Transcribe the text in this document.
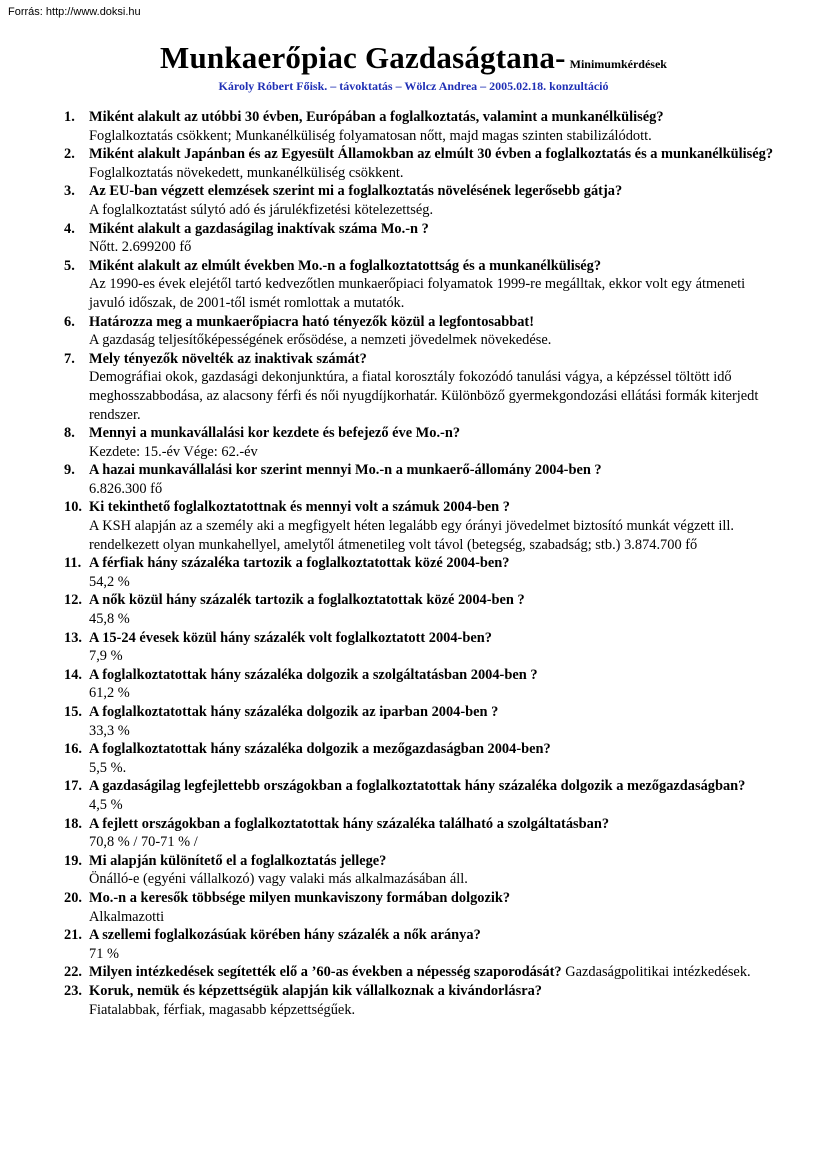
Forrás: http://www.doksi.hu
Munkaerőpiac Gazdaságtana- Minimumkérdések
Károly Róbert Főisk. – távoktatás – Wölcz Andrea – 2005.02.18. konzultáció
1. Miként alakult az utóbbi 30 évben, Európában a foglalkoztatás, valamint a munkanélküliség?
Foglalkoztatás csökkent; Munkanélküliség folyamatosan nőtt, majd magas szinten stabilizálódott.
2. Miként alakult Japánban és az Egyesült Államokban az elmúlt 30 évben a foglalkoztatás és a munkanélküliség?
Foglalkoztatás növekedett, munkanélküliség csökkent.
3. Az EU-ban végzett elemzések szerint mi a foglalkoztatás növelésének legerősebb gátja?
A foglalkoztatást súlytó adó és járulékfizetési kötelezettség.
4. Miként alakult a gazdaságilag inaktívak száma Mo.-n ?
Nőtt. 2.699200 fő
5. Miként alakult az elmúlt években Mo.-n a foglalkoztatottság és a munkanélküliség?
Az 1990-es évek elejétől tartó kedvezőtlen munkaerőpiaci folyamatok 1999-re megálltak, ekkor volt egy átmeneti javuló időszak, de 2001-től ismét romlottak a mutatók.
6. Határozza meg a munkaerőpiacra ható tényezők közül a legfontosabbat!
A gazdaság teljesítőképességének erősödése, a nemzeti jövedelmek növekedése.
7. Mely tényezők növelték az inaktivak számát?
Demográfiai okok, gazdasági dekonjunktúra, a fiatal korosztály fokozódó tanulási vágya, a képzéssel töltött idő meghosszabbodása, az alacsony férfi és női nyugdíjkorhatár. Különböző gyermekgondozási ellátási formák kiterjedt rendszer.
8. Mennyi a munkavállalási kor kezdete és befejező éve Mo.-n?
Kezdete: 15.-év Vége: 62.-év
9. A hazai munkavállalási kor szerint mennyi Mo.-n a munkaerő-állomány 2004-ben ?
6.826.300 fő
10. Ki tekinthető foglalkoztatottnak és mennyi volt a számuk 2004-ben ?
A KSH alapján az a személy aki a megfigyelt héten legalább egy órányi jövedelmet biztosító munkát végzett ill. rendelkezett olyan munkahellyel, amelytől átmenetileg volt távol (betegség, szabadság; stb.) 3.874.700 fő
11. A férfiak hány százaléka tartozik a foglalkoztatottak közé 2004-ben?
54,2 %
12. A nők közül hány százalék tartozik a foglalkoztatottak közé 2004-ben ?
45,8 %
13. A 15-24 évesek közül hány százalék volt foglalkoztatott 2004-ben?
7,9 %
14. A foglalkoztatottak hány százaléka dolgozik a szolgáltatásban 2004-ben ?
61,2 %
15. A foglalkoztatottak hány százaléka dolgozik az iparban 2004-ben ?
33,3 %
16. A foglalkoztatottak hány százaléka dolgozik a mezőgazdaságban 2004-ben?
5,5 %.
17. A gazdaságilag legfejlettebb országokban a foglalkoztatottak hány százaléka dolgozik a mezőgazdaságban?
4,5 %
18. A fejlett országokban a foglalkoztatottak hány százaléka található a szolgáltatásban?
70,8 % / 70-71 % /
19. Mi alapján különítető el a foglalkoztatás jellege?
Önálló-e (egyéni vállalkozó) vagy valaki más alkalmazásában áll.
20. Mo.-n a keresők többsége milyen munkaviszony formában dolgozik?
Alkalmazotti
21. A szellemi foglalkozásúak körében hány százalék a nők aránya?
71 %
22. Milyen intézkedések segítették elő a ’60-as években a népesség szaporodását? Gazdaságpolitikai intézkedések.
23. Koruk, nemük és képzettségük alapján kik vállalkoznak a kivándorlásra?
Fiatalabbak, férfiak, magasabb képzettségűek.
